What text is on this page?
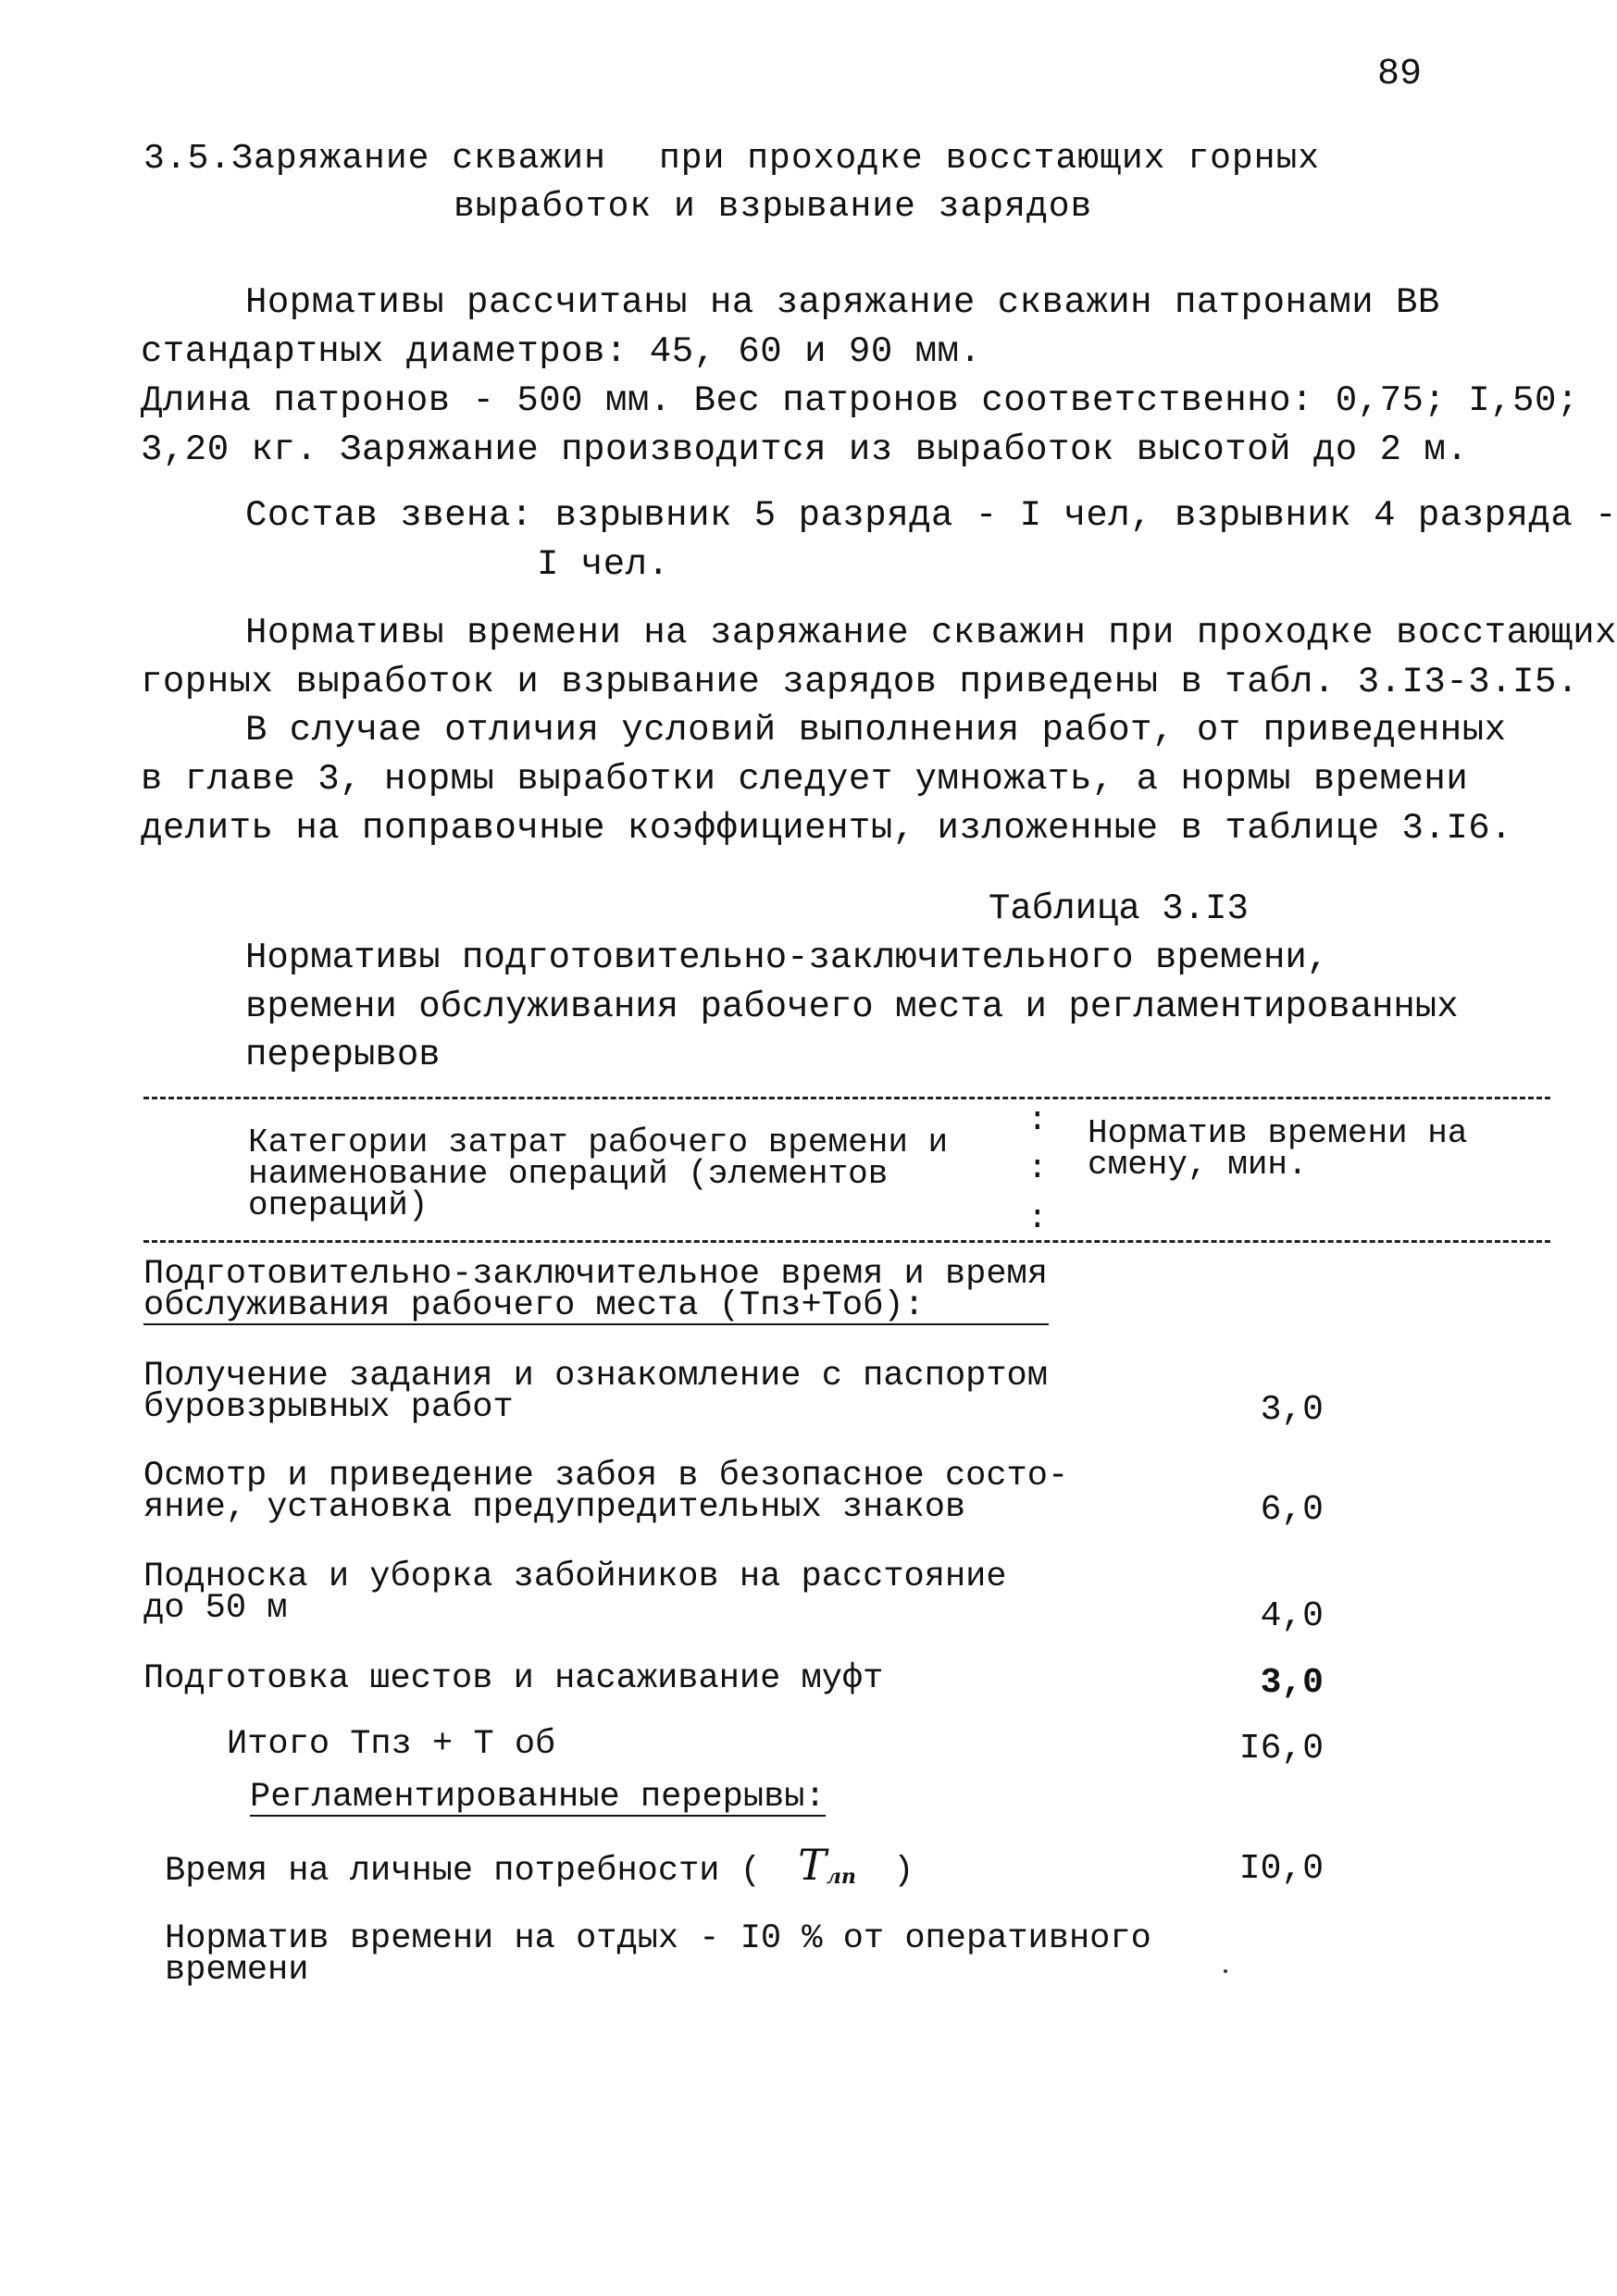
89
3.5.Заряжание скважин при проходке восстающих горных
выработок и взрывание зарядов
Нормативы рассчитаны на заряжание скважин патронами ВВ
стандартных диаметров: 45, 60 и 90 мм.
Длина патронов - 500 мм. Вес патронов соответственно: 0,75; I,50;
3,20 кг. Заряжание производится из выработок высотой до 2 м.
Состав звена: взрывник 5 разряда - I чел, взрывник 4 разряда -
I чел.
Нормативы времени на заряжание скважин при проходке восстающих
горных выработок и взрывание зарядов приведены в табл. 3.I3-3.I5.
В случае отличия условий выполнения работ, от приведенных
в главе 3, нормы выработки следует умножать, а нормы времени
делить на поправочные коэффициенты, изложенные в таблице 3.I6.
Таблица 3.I3
Нормативы подготовительно-заключительного времени,
времени обслуживания рабочего места и регламентированных
перерывов
Категории затрат рабочего времени и
наименование операций (элементов
операций)
:
:
:
Норматив времени на
смену, мин.
Подготовительно-заключительное время и время
обслуживания рабочего места (Тпз+Тоб):
Получение задания и ознакомление с паспортом
буровзрывных работ	3,0
Осмотр и приведение забоя в безопасное состо-
яние, установка предупредительных знаков	6,0
Подноска и уборка забойников на расстояние
до 50 м	4,0
Подготовка шестов и насаживание муфт	3,0
Итого Тпз + Т об	I6,0
Регламентированные перерывы:
Время на личные потребности ( Tлп )	I0,0
Норматив времени на отдых - I0 % от оперативного
времени
